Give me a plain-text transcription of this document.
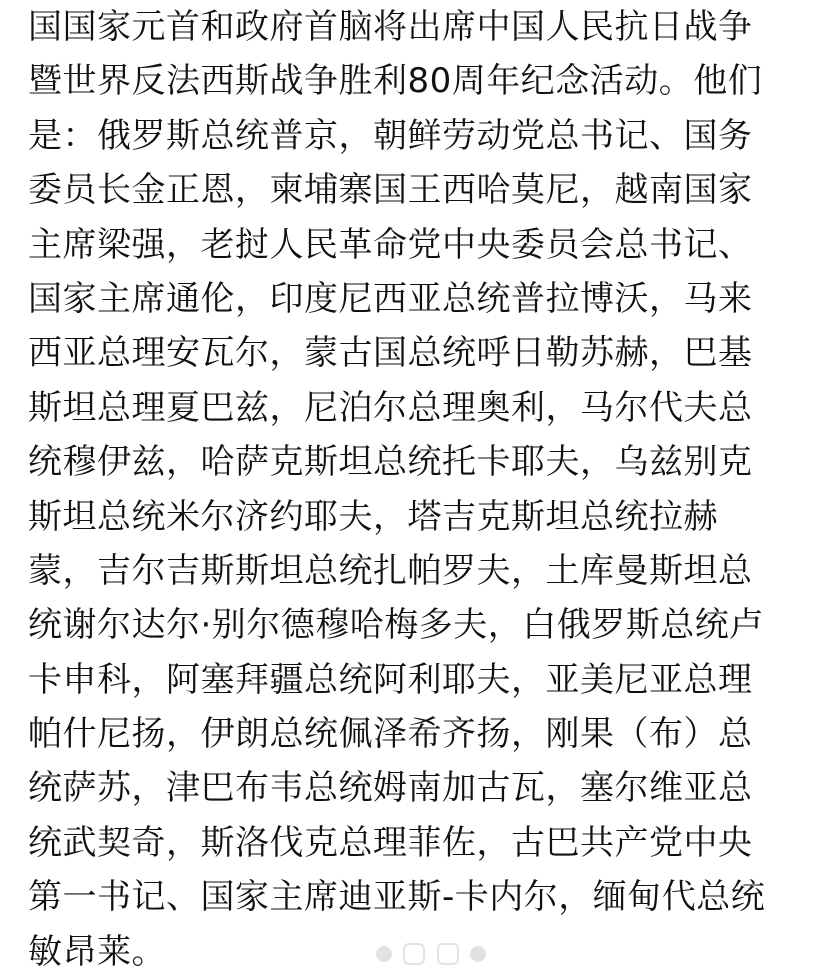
国国家元首和政府首脑将出席中国人民抗日战争
暨世界反法西斯战争胜利80周年纪念活动。他们
是：俄罗斯总统普京，朝鲜劳动党总书记、国务
委员长金正恩，柬埔寨国王西哈莫尼，越南国家
主席梁强，老挝人民革命党中央委员会总书记、
国家主席通伦，印度尼西亚总统普拉博沃，马来
西亚总理安瓦尔，蒙古国总统呼日勒苏赫，巴基
斯坦总理夏巴兹，尼泊尔总理奥利，马尔代夫总
统穆伊兹，哈萨克斯坦总统托卡耶夫，乌兹别克
斯坦总统米尔济约耶夫，塔吉克斯坦总统拉赫
蒙，吉尔吉斯斯坦总统扎帕罗夫，土库曼斯坦总
统谢尔达尔·别尔德穆哈梅多夫，白俄罗斯总统卢
卡申科，阿塞拜疆总统阿利耶夫，亚美尼亚总理
帕什尼扬，伊朗总统佩泽希齐扬，刚果（布）总
统萨苏，津巴布韦总统姆南加古瓦，塞尔维亚总
统武契奇，斯洛伐克总理菲佐，古巴共产党中央
第一书记、国家主席迪亚斯-卡内尔，缅甸代总统
敏昂莱。
